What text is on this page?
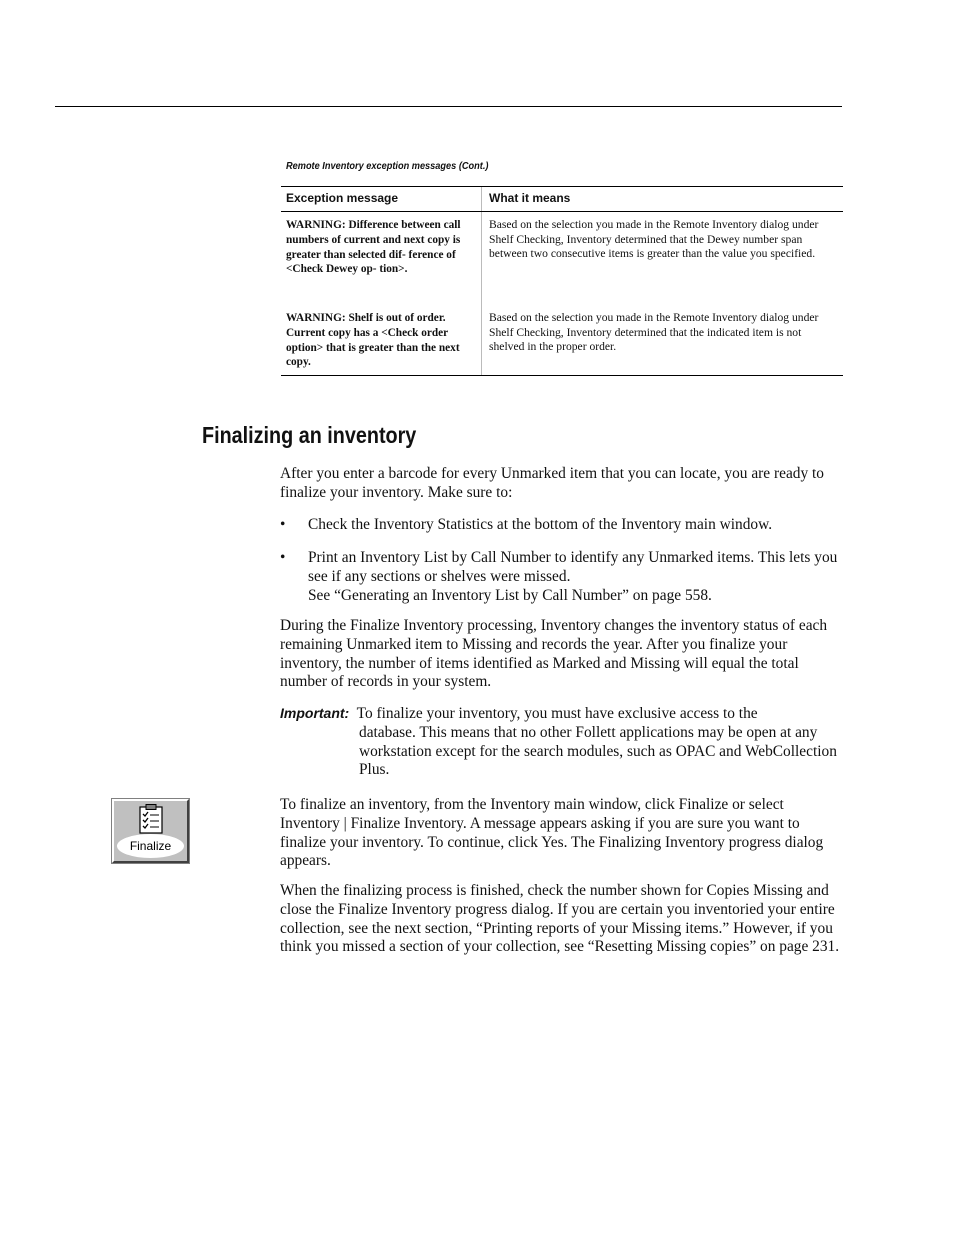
Remote Inventory exception messages (Cont.)
Exception message	What it means
WARNING: Difference between call numbers of current and next copy is greater than selected dif- ference of <Check Dewey op- tion>.
Based on the selection you made in the Remote Inventory dialog under Shelf Checking, Inventory determined that the Dewey number span between two consecutive items is greater than the value you specified.
WARNING: Shelf is out of order. Current copy has a <Check order option> that is greater than the next copy.
Based on the selection you made in the Remote Inventory dialog under Shelf Checking, Inventory determined that the indicated item is not shelved in the proper order.
Finalizing an inventory

After you enter a barcode for every Unmarked item that you can locate, you are ready to finalize your inventory. Make sure to:

• Check the Inventory Statistics at the bottom of the Inventory main window.
• Print an Inventory List by Call Number to identify any Unmarked items. This lets you see if any sections or shelves were missed.
See “Generating an Inventory List by Call Number” on page 558.

During the Finalize Inventory processing, Inventory changes the inventory status of each remaining Unmarked item to Missing and records the year. After you finalize your inventory, the number of items identified as Marked and Missing will equal the total number of records in your system.

Important: To finalize your inventory, you must have exclusive access to the
database. This means that no other Follett applications may be open at any workstation except for the search modules, such as OPAC and WebCollection Plus.
Finalize

To finalize an inventory, from the Inventory main window, click Finalize or select Inventory | Finalize Inventory. A message appears asking if you are sure you want to finalize your inventory. To continue, click Yes. The Finalizing Inventory progress dialog appears.

When the finalizing process is finished, check the number shown for Copies Missing and close the Finalize Inventory progress dialog. If you are certain you inventoried your entire collection, see the next section, “Printing reports of your Missing items.” However, if you think you missed a section of your collection, see “Resetting Missing copies” on page 231.
